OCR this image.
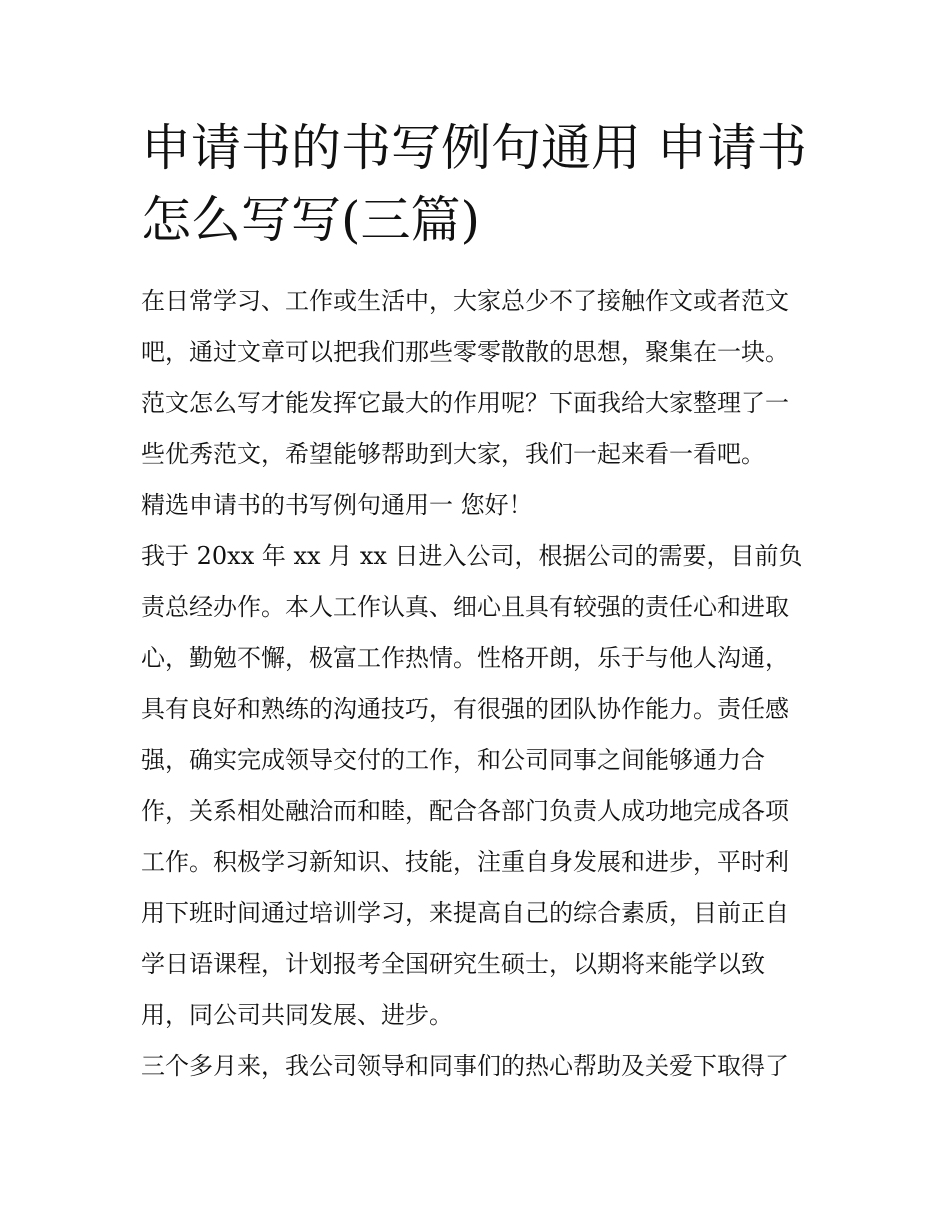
申请书的书写例句通用 申请书
怎么写写(三篇)
在日常学习、工作或生活中，大家总少不了接触作文或者范文
吧，通过文章可以把我们那些零零散散的思想，聚集在一块。
范文怎么写才能发挥它最大的作用呢？下面我给大家整理了一
些优秀范文，希望能够帮助到大家，我们一起来看一看吧。
精选申请书的书写例句通用一 您好！
我于 20xx 年 xx 月 xx 日进入公司，根据公司的需要，目前负
责总经办作。本人工作认真、细心且具有较强的责任心和进取
心，勤勉不懈，极富工作热情。性格开朗，乐于与他人沟通，
具有良好和熟练的沟通技巧，有很强的团队协作能力。责任感
强，确实完成领导交付的工作，和公司同事之间能够通力合
作，关系相处融洽而和睦，配合各部门负责人成功地完成各项
工作。积极学习新知识、技能，注重自身发展和进步，平时利
用下班时间通过培训学习，来提高自己的综合素质，目前正自
学日语课程，计划报考全国研究生硕士，以期将来能学以致
用，同公司共同发展、进步。
三个多月来，我公司领导和同事们的热心帮助及关爱下取得了
